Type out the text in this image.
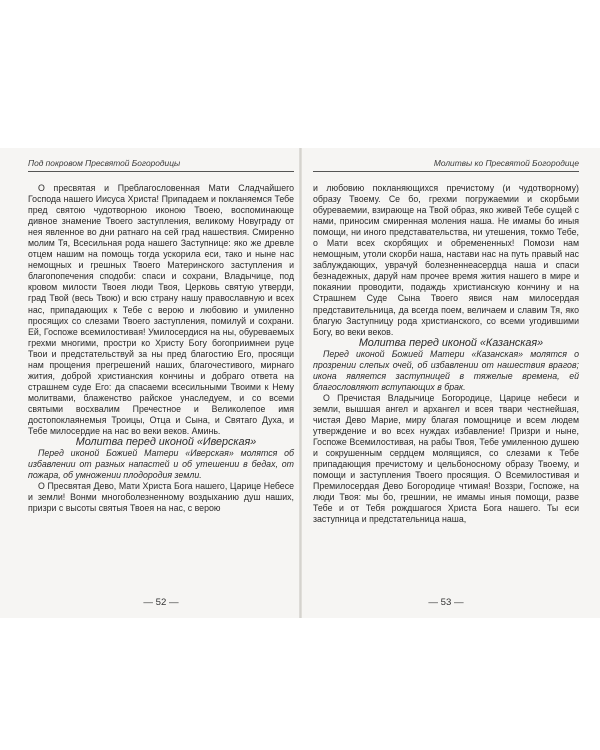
Под покровом Пресвятой Богородицы

О пресвятая и Преблагословенная Мати Сладчайшего Господа нашего Иисуса Христа! Припадаем и покланяемся Тебе пред святою чудотворною иконою Твоею, воспоминающе дивное знамение Твоего заступления, великому Новуграду от нея явленное во дни ратнаго на сей град нашествия. Смиренно молим Тя, Всесильная рода нашего Заступнице: яко же древле отцем нашим на помощь тогда ускорила еси, тако и ныне нас немощных и грешных Твоего Материнского заступления и благопопечения сподоби: спаси и сохрани, Владычице, под кровом милости Твоея люди Твоя, Церковь святую утверди, град Твой (весь Твою) и всю страну нашу православную и всех нас, припадающих к Тебе с верою и любовию и умиленно просящих со слезами Твоего заступления, помилуй и сохрани. Ей, Госпоже всемилостивая! Умилосердися на ны, обуреваемых грехми многими, простри ко Христу Богу богоприимнеи руце Твои и предстательствуй за ны пред благостию Его, просящи нам прощения прегрешений наших, благочестивого, мирнаго жития, доброй христианския кончины и добраго ответа на страшнем суде Его: да спасаеми всесильными Твоими к Нему молитвами, блаженство райское унаследуем, и со всеми святыми восхвалим Пречестное и Великолепое имя достопоклаянемыя Троицы, Отца и Сына, и Святаго Духа, и Тебе милосердие на нас во веки веков. Аминь.

Молитва перед иконой «Иверская»

Перед иконой Божией Матери «Иверская» молятся об избавлении от разных напастей и об утешении в бедах, от пожара, об умножении плодородия земли.

О Пресвятая Дево, Мати Христа Бога нашего, Царице Небесе и земли! Вонми многоболезненному воздыханию душ наших, призри с высоты святыя Твоея на нас, с верою

— 52 —
Молитвы ко Пресвятой Богородице

и любовию покланяющихся пречистому (и чудотворному) образу Твоему. Се бо, грехми погружаемии и скорбьми обуреваемии, взирающе на Твой образ, яко живей Тебе сущей с нами, приносим смиренная моления наша. Не имамы бо иныя помощи, ни иного представательства, ни утешения, токмо Тебе, о Мати всех скорбящих и обремененных! Помози нам немощным, утоли скорби наша, настави нас на путь правый нас заблуждающих, уврачуй болезненнеасердца наша и спаси безнадежных, даруй нам прочее время жития нашего в мире и покаянии проводити, подаждь христианскую кончину и на Страшнем Суде Сына Твоего явися нам милосердая представительница, да всегда поем, величаем и славим Тя, яко благую Заступницу рода христианского, со всеми угодившими Богу, во веки веков.

Молитва перед иконой «Казанская»

Перед иконой Божией Матери «Казанская» молятся о прозрении слепых очей, об избавлении от нашествия врагов; икона является заступницей в тяжелые времена, ей благословляют вступающих в брак.

О Пречистая Владычице Богородице, Царице небеси и земли, вышшая ангел и архангел и всея твари честнейшая, чистая Дево Марие, миру благая помощнице и всем людем утверждение и во всех нуждах избавление! Призри и ныне, Госпоже Всемилостивая, на рабы Твоя, Тебе умиленною душею и сокрушенным сердцем молящияся, со слезами к Тебе припадающия пречистому и цельбоносному образу Твоему, и помощи и заступления Твоего просящия. О Всемилостивая и Премилосердая Дево Богородице чтимая! Воззри, Госпоже, на люди Твоя: мы бо, грешнии, не имамы иныя помощи, разве Тебе и от Тебя рождшагося Христа Бога нашего. Ты еси заступница и предстательница наша,

— 53 —
